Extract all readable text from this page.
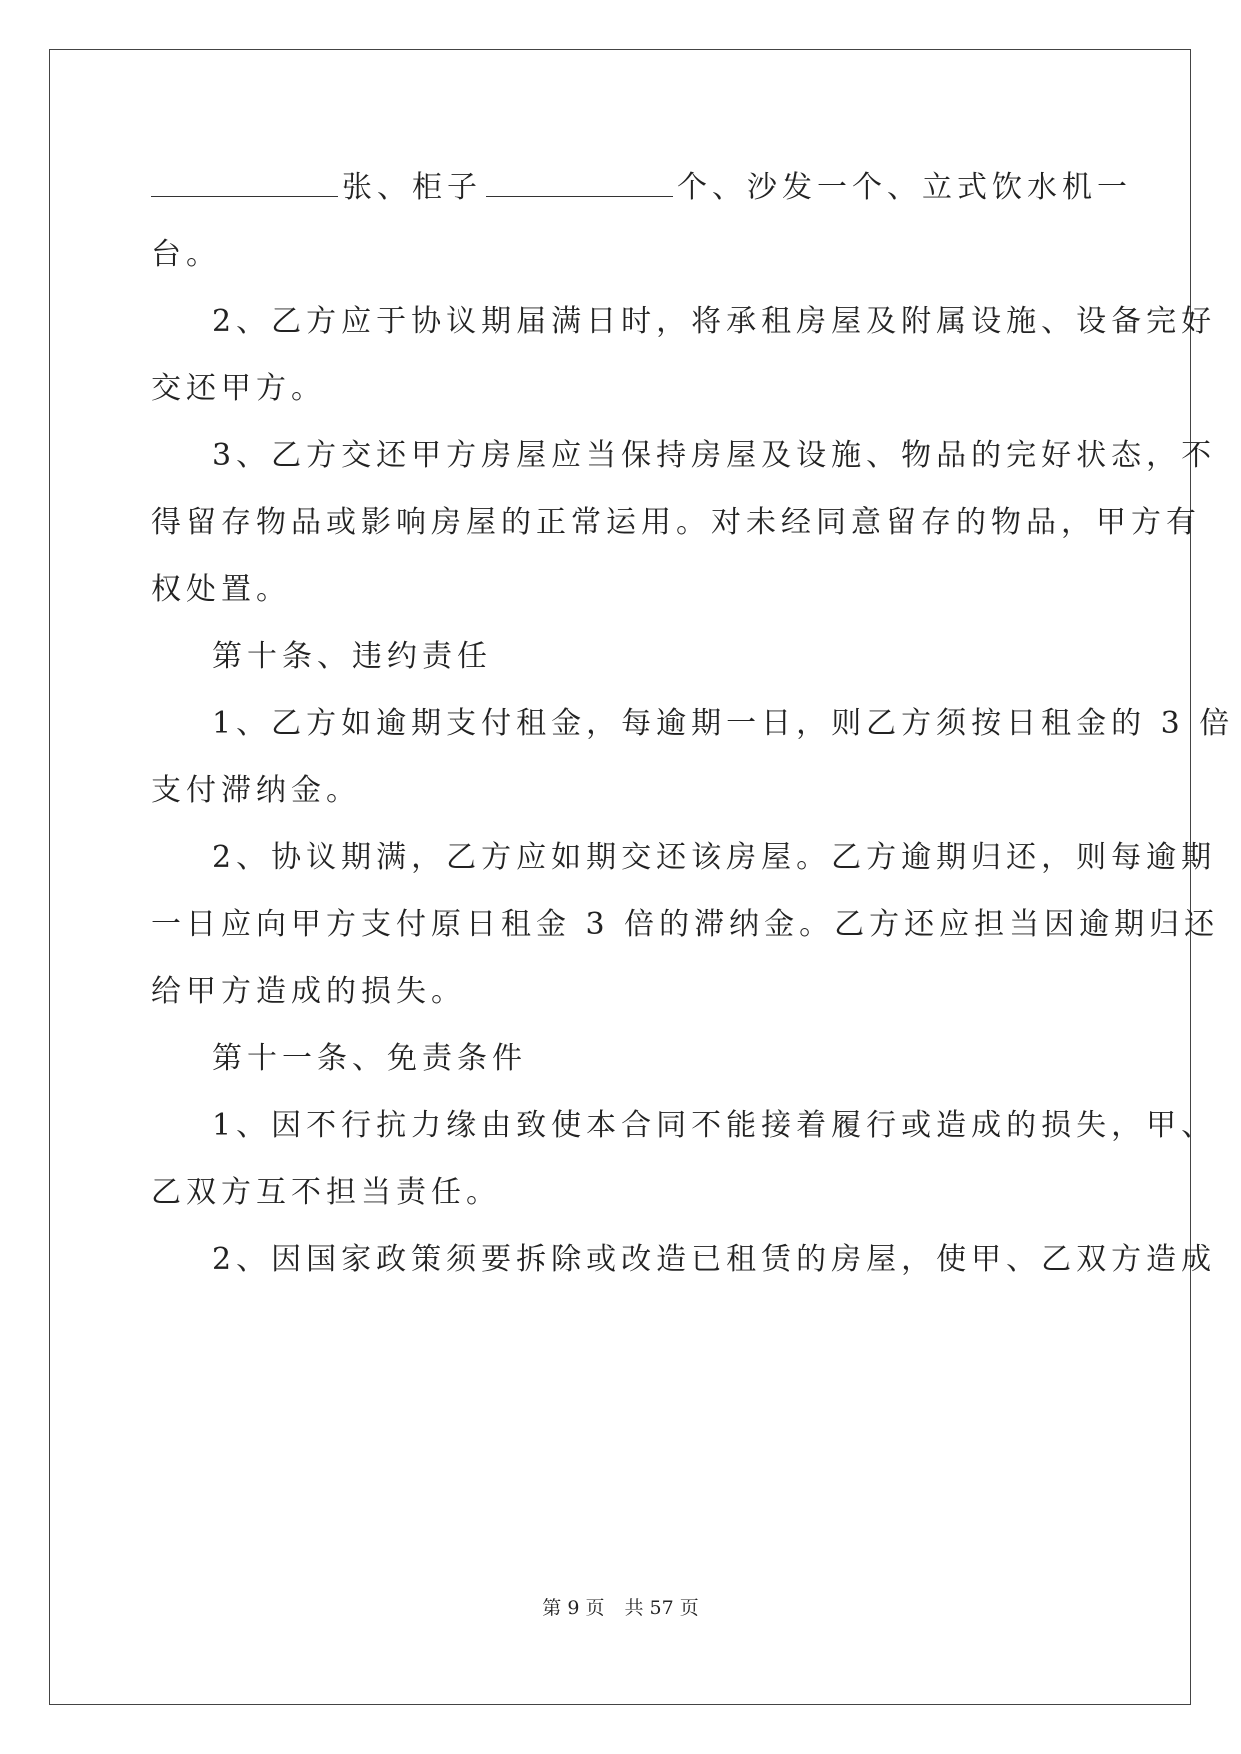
张、柜子	个、沙发一个、立式饮水机一
台。
2、乙方应于协议期届满日时，将承租房屋及附属设施、设备完好
交还甲方。
3、乙方交还甲方房屋应当保持房屋及设施、物品的完好状态，不
得留存物品或影响房屋的正常运用。对未经同意留存的物品，甲方有
权处置。
第十条、违约责任
1、乙方如逾期支付租金，每逾期一日，则乙方须按日租金的 3 倍
支付滞纳金。
2、协议期满，乙方应如期交还该房屋。乙方逾期归还，则每逾期
一日应向甲方支付原日租金 3 倍的滞纳金。乙方还应担当因逾期归还
给甲方造成的损失。
第十一条、免责条件
1、因不行抗力缘由致使本合同不能接着履行或造成的损失，甲、
乙双方互不担当责任。
2、因国家政策须要拆除或改造已租赁的房屋，使甲、乙双方造成
第 9 页 共 57 页
